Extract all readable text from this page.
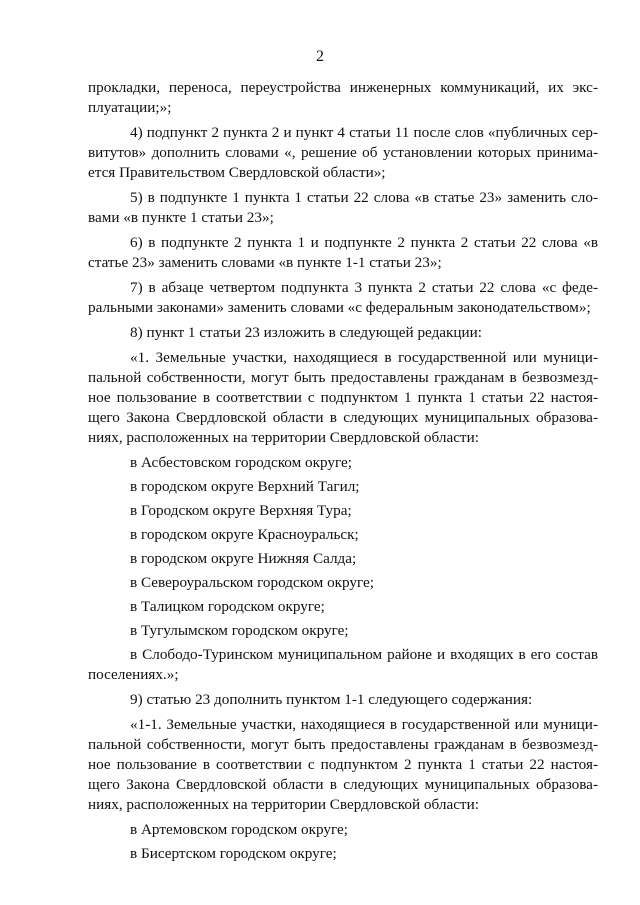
2

прокладки, переноса, переустройства инженерных коммуникаций, их эксплуатации;»;

4) подпункт 2 пункта 2 и пункт 4 статьи 11 после слов «публичных сервитутов» дополнить словами «, решение об установлении которых принимается Правительством Свердловской области»;

5) в подпункте 1 пункта 1 статьи 22 слова «в статье 23» заменить словами «в пункте 1 статьи 23»;

6) в подпункте 2 пункта 1 и подпункте 2 пункта 2 статьи 22 слова «в статье 23» заменить словами «в пункте 1-1 статьи 23»;

7) в абзаце четвертом подпункта 3 пункта 2 статьи 22 слова «с федеральными законами» заменить словами «с федеральным законодательством»;

8) пункт 1 статьи 23 изложить в следующей редакции:

«1. Земельные участки, находящиеся в государственной или муниципальной собственности, могут быть предоставлены гражданам в безвозмездное пользование в соответствии с подпунктом 1 пункта 1 статьи 22 настоящего Закона Свердловской области в следующих муниципальных образованиях, расположенных на территории Свердловской области:

в Асбестовском городском округе;
в городском округе Верхний Тагил;
в Городском округе Верхняя Тура;
в городском округе Красноуральск;
в городском округе Нижняя Салда;
в Североуральском городском округе;
в Талицком городском округе;
в Тугулымском городском округе;

в Слободо-Туринском муниципальном районе и входящих в его состав поселениях.»;

9) статью 23 дополнить пунктом 1-1 следующего содержания:

«1-1. Земельные участки, находящиеся в государственной или муниципальной собственности, могут быть предоставлены гражданам в безвозмездное пользование в соответствии с подпунктом 2 пункта 1 статьи 22 настоящего Закона Свердловской области в следующих муниципальных образованиях, расположенных на территории Свердловской области:

в Артемовском городском округе;
в Бисертском городском округе;
